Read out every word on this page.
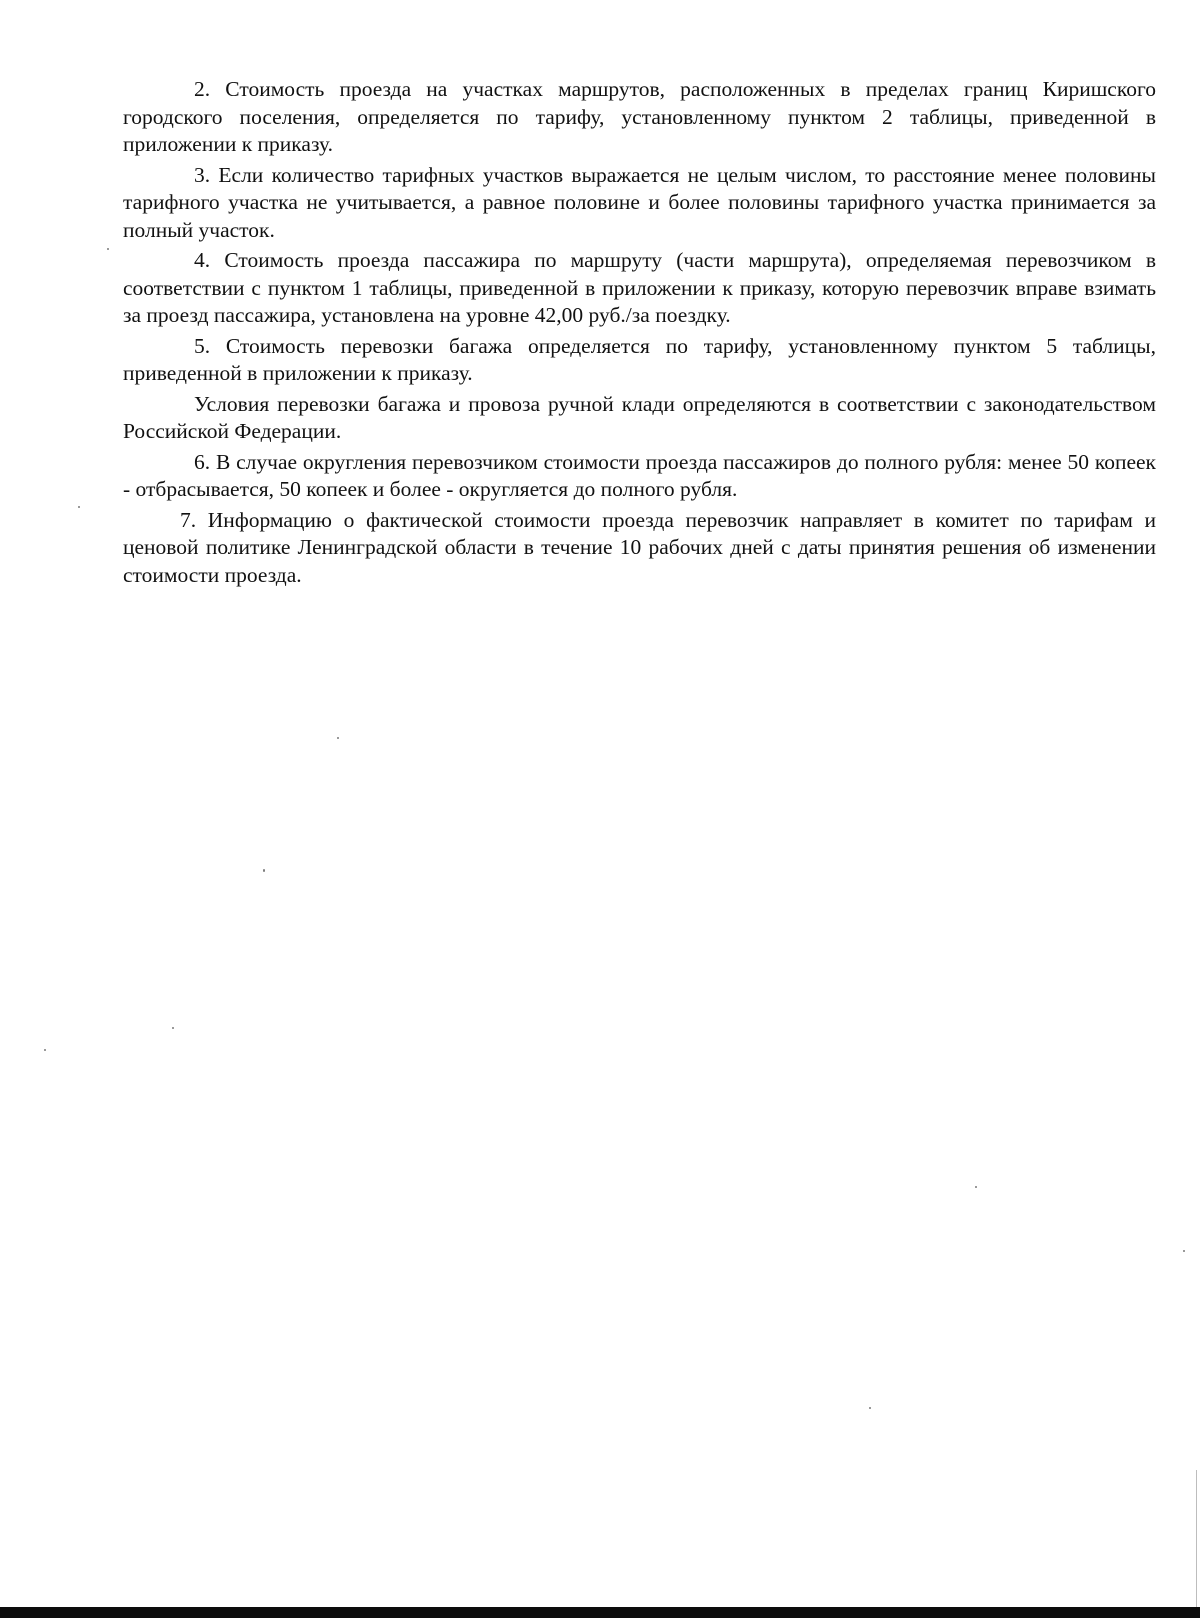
2. Стоимость проезда на участках маршрутов, расположенных в пределах границ Киришского городского поселения, определяется по тарифу, установленному пунктом 2 таблицы, приведенной в приложении к приказу.

3. Если количество тарифных участков выражается не целым числом, то расстояние менее половины тарифного участка не учитывается, а равное половине и более половины тарифного участка принимается за полный участок.

4. Стоимость проезда пассажира по маршруту (части маршрута), определяемая перевозчиком в соответствии с пунктом 1 таблицы, приведенной в приложении к приказу, которую перевозчик вправе взимать за проезд пассажира, установлена на уровне 42,00 руб./за поездку.

5. Стоимость перевозки багажа определяется по тарифу, установленному пунктом 5 таблицы, приведенной в приложении к приказу.

Условия перевозки багажа и провоза ручной клади определяются в соответствии с законодательством Российской Федерации.

6. В случае округления перевозчиком стоимости проезда пассажиров до полного рубля: менее 50 копеек - отбрасывается, 50 копеек и более - округляется до полного рубля.

7. Информацию о фактической стоимости проезда перевозчик направляет в комитет по тарифам и ценовой политике Ленинградской области в течение 10 рабочих дней с даты принятия решения об изменении стоимости проезда.
